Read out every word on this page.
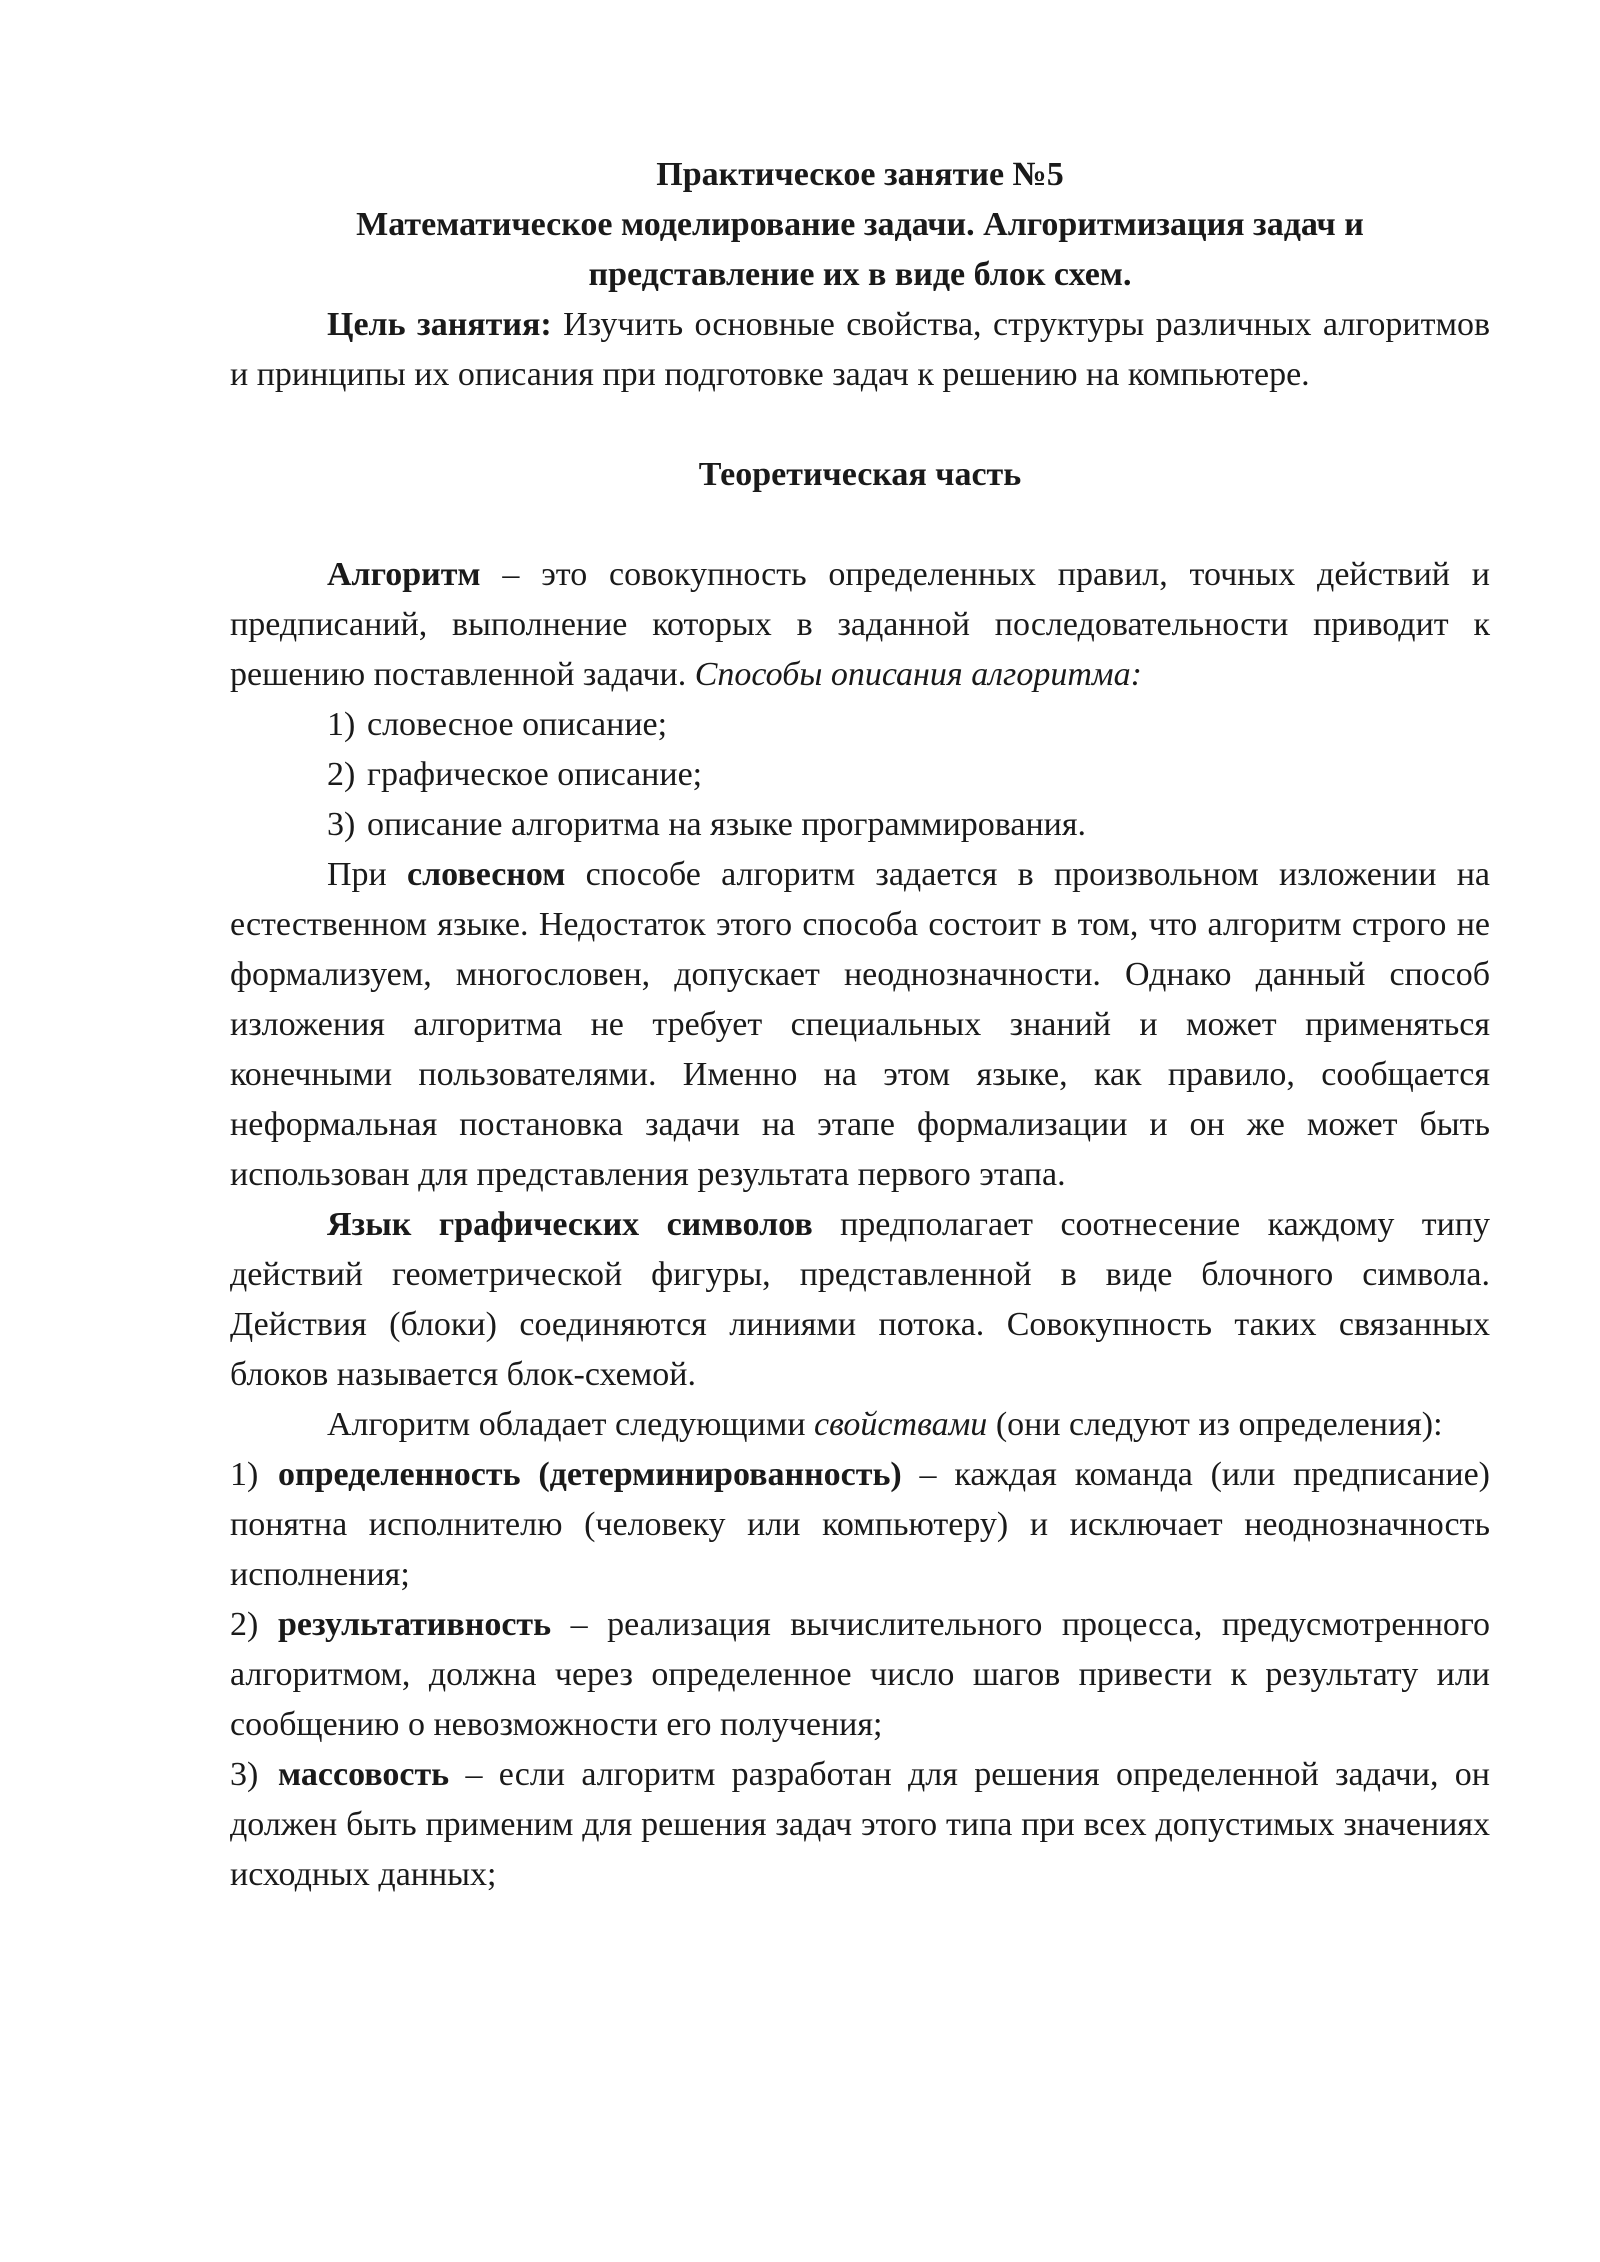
Практическое занятие №5
Математическое моделирование задачи. Алгоритмизация задач и
представление их в виде блок схем.

Цель занятия: Изучить основные свойства, структуры различных алгоритмов и принципы их описания при подготовке задач к решению на компьютере.

Теоретическая часть

Алгоритм – это совокупность определенных правил, точных действий и предписаний, выполнение которых в заданной последовательности приводит к решению поставленной задачи. Способы описания алгоритма:

1) словесное описание;
2) графическое описание;
3) описание алгоритма на языке программирования.

При словесном способе алгоритм задается в произвольном изложении на естественном языке. Недостаток этого способа состоит в том, что алгоритм строго не формализуем, многословен, допускает неоднозначности. Однако данный способ изложения алгоритма не требует специальных знаний и может применяться конечными пользователями. Именно на этом языке, как правило, сообщается неформальная постановка задачи на этапе формализации и он же может быть использован для представления результата первого этапа.

Язык графических символов предполагает соотнесение каждому типу действий геометрической фигуры, представленной в виде блочного символа. Действия (блоки) соединяются линиями потока. Совокупность таких связанных блоков называется блок-схемой.

Алгоритм обладает следующими свойствами (они следуют из определения):

1) определенность (детерминированность) – каждая команда (или предписание) понятна исполнителю (человеку или компьютеру) и исключает неоднозначность исполнения;

2) результативность – реализация вычислительного процесса, предусмотренного алгоритмом, должна через определенное число шагов привести к результату или сообщению о невозможности его получения;

3) массовость – если алгоритм разработан для решения определенной задачи, он должен быть применим для решения задач этого типа при всех допустимых значениях исходных данных;
